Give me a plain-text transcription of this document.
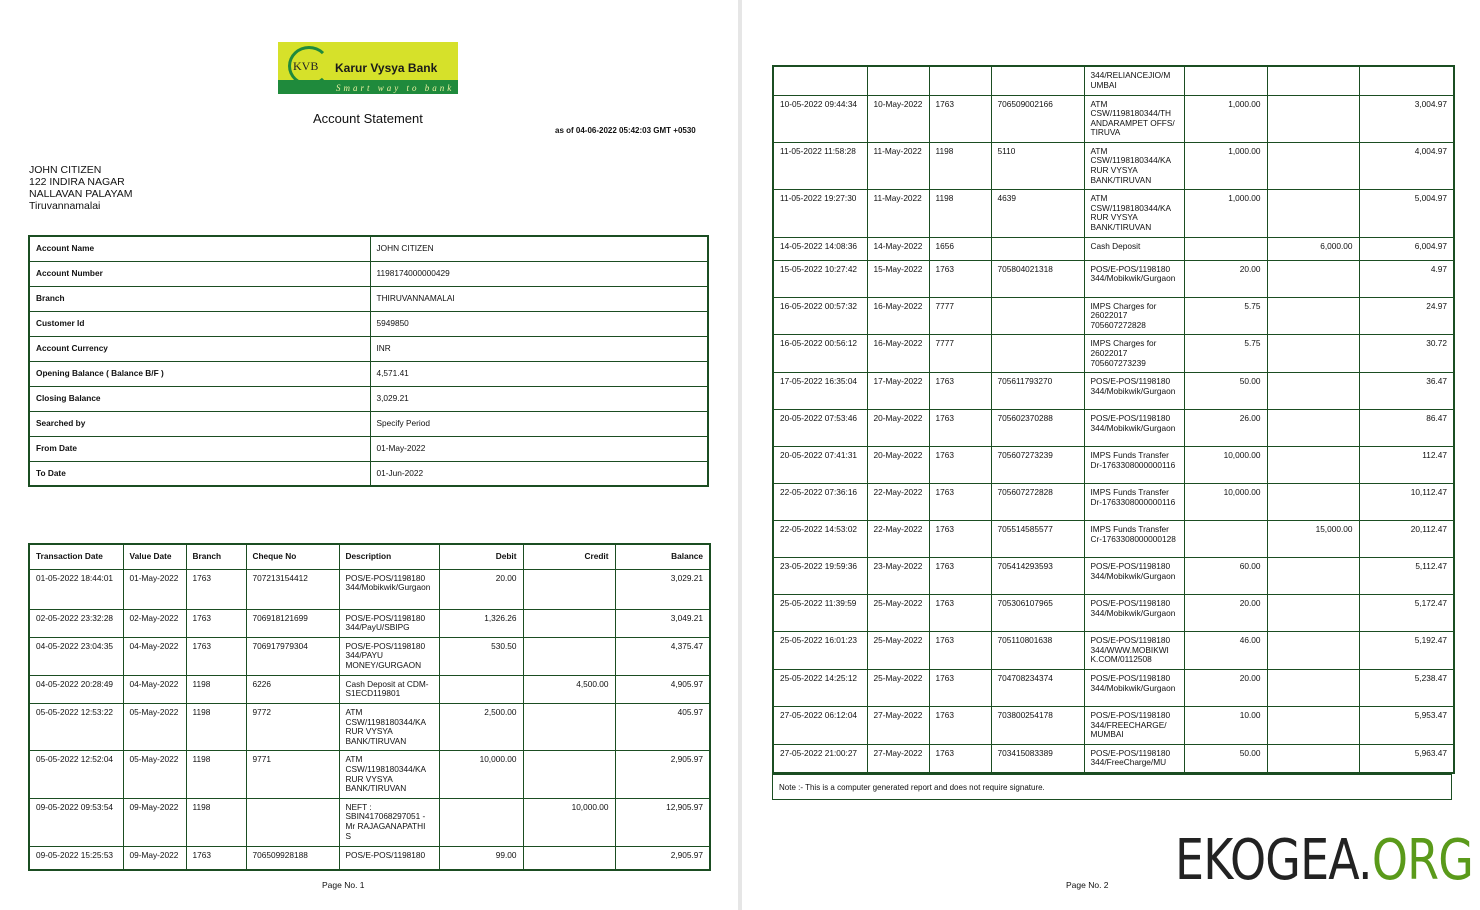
KVB Karur Vysya Bank
Smart way to bank
Account Statement
as of 04-06-2022 05:42:03 GMT +0530
JOHN CITIZEN
122 INDIRA NAGAR
NALLAVAN PALAYAM
Tiruvannamalai
Account Name	JOHN CITIZEN
Account Number	1198174000000429
Branch	THIRUVANNAMALAI
Customer Id	5949850
Account Currency	INR
Opening Balance ( Balance B/F )	4,571.41
Closing Balance	3,029.21
Searched by	Specify Period
From Date	01-May-2022
To Date	01-Jun-2022
Transaction Date	Value Date	Branch	Cheque No	Description	Debit	Credit	Balance
01-05-2022 18:44:01	01-May-2022	1763	707213154412	POS/E-POS/1198180 344/Mobikwik/Gurgaon	20.00		3,029.21
02-05-2022 23:32:28	02-May-2022	1763	706918121699	POS/E-POS/1198180 344/PayU/SBIPG	1,326.26		3,049.21
04-05-2022 23:04:35	04-May-2022	1763	706917979304	POS/E-POS/1198180 344/PAYU MONEY/GURGAON	530.50		4,375.47
04-05-2022 20:28:49	04-May-2022	1198	6226	Cash Deposit at CDM-S1ECD119801		4,500.00	4,905.97
05-05-2022 12:53:22	05-May-2022	1198	9772	ATM CSW/1198180344/KA RUR VYSYA BANK/TIRUVAN	2,500.00		405.97
05-05-2022 12:52:04	05-May-2022	1198	9771	ATM CSW/1198180344/KA RUR VYSYA BANK/TIRUVAN	10,000.00		2,905.97
09-05-2022 09:53:54	09-May-2022	1198		NEFT : SBIN417068297051 - Mr RAJAGANAPATHI S		10,000.00	12,905.97
09-05-2022 15:25:53	09-May-2022	1763	706509928188	POS/E-POS/1198180	99.00		2,905.97
				344/RELIANCEJIO/M UMBAI			
10-05-2022 09:44:34	10-May-2022	1763	706509002166	ATM CSW/1198180344/TH ANDARAMPET OFFS/ TIRUVA	1,000.00		3,004.97
11-05-2022 11:58:28	11-May-2022	1198	5110	ATM CSW/1198180344/KA RUR VYSYA BANK/TIRUVAN	1,000.00		4,004.97
11-05-2022 19:27:30	11-May-2022	1198	4639	ATM CSW/1198180344/KA RUR VYSYA BANK/TIRUVAN	1,000.00		5,004.97
14-05-2022 14:08:36	14-May-2022	1656		Cash Deposit		6,000.00	6,004.97
15-05-2022 10:27:42	15-May-2022	1763	705804021318	POS/E-POS/1198180 344/Mobikwik/Gurgaon	20.00		4.97
16-05-2022 00:57:32	16-May-2022	7777		IMPS Charges for 26022017 705607272828	5.75		24.97
16-05-2022 00:56:12	16-May-2022	7777		IMPS Charges for 26022017 705607273239	5.75		30.72
17-05-2022 16:35:04	17-May-2022	1763	705611793270	POS/E-POS/1198180 344/Mobikwik/Gurgaon	50.00		36.47
20-05-2022 07:53:46	20-May-2022	1763	705602370288	POS/E-POS/1198180 344/Mobikwik/Gurgaon	26.00		86.47
20-05-2022 07:41:31	20-May-2022	1763	705607273239	IMPS Funds Transfer Dr-1763308000000116	10,000.00		112.47
22-05-2022 07:36:16	22-May-2022	1763	705607272828	IMPS Funds Transfer Dr-1763308000000116	10,000.00		10,112.47
22-05-2022 14:53:02	22-May-2022	1763	705514585577	IMPS Funds Transfer Cr-1763308000000128		15,000.00	20,112.47
23-05-2022 19:59:36	23-May-2022	1763	705414293593	POS/E-POS/1198180 344/Mobikwik/Gurgaon	60.00		5,112.47
25-05-2022 11:39:59	25-May-2022	1763	705306107965	POS/E-POS/1198180 344/Mobikwik/Gurgaon	20.00		5,172.47
25-05-2022 16:01:23	25-May-2022	1763	705110801638	POS/E-POS/1198180 344/WWW.MOBIKWI K.COM/0112508	46.00		5,192.47
25-05-2022 14:25:12	25-May-2022	1763	704708234374	POS/E-POS/1198180 344/Mobikwik/Gurgaon	20.00		5,238.47
27-05-2022 06:12:04	27-May-2022	1763	703800254178	POS/E-POS/1198180 344/FREECHARGE/ MUMBAI	10.00		5,953.47
27-05-2022 21:00:27	27-May-2022	1763	703415083389	POS/E-POS/1198180 344/FreeCharge/MU	50.00		5,963.47
Note :- This is a computer generated report and does not require signature.
Page No. 1	Page No. 2 EKOGEA.ORG
